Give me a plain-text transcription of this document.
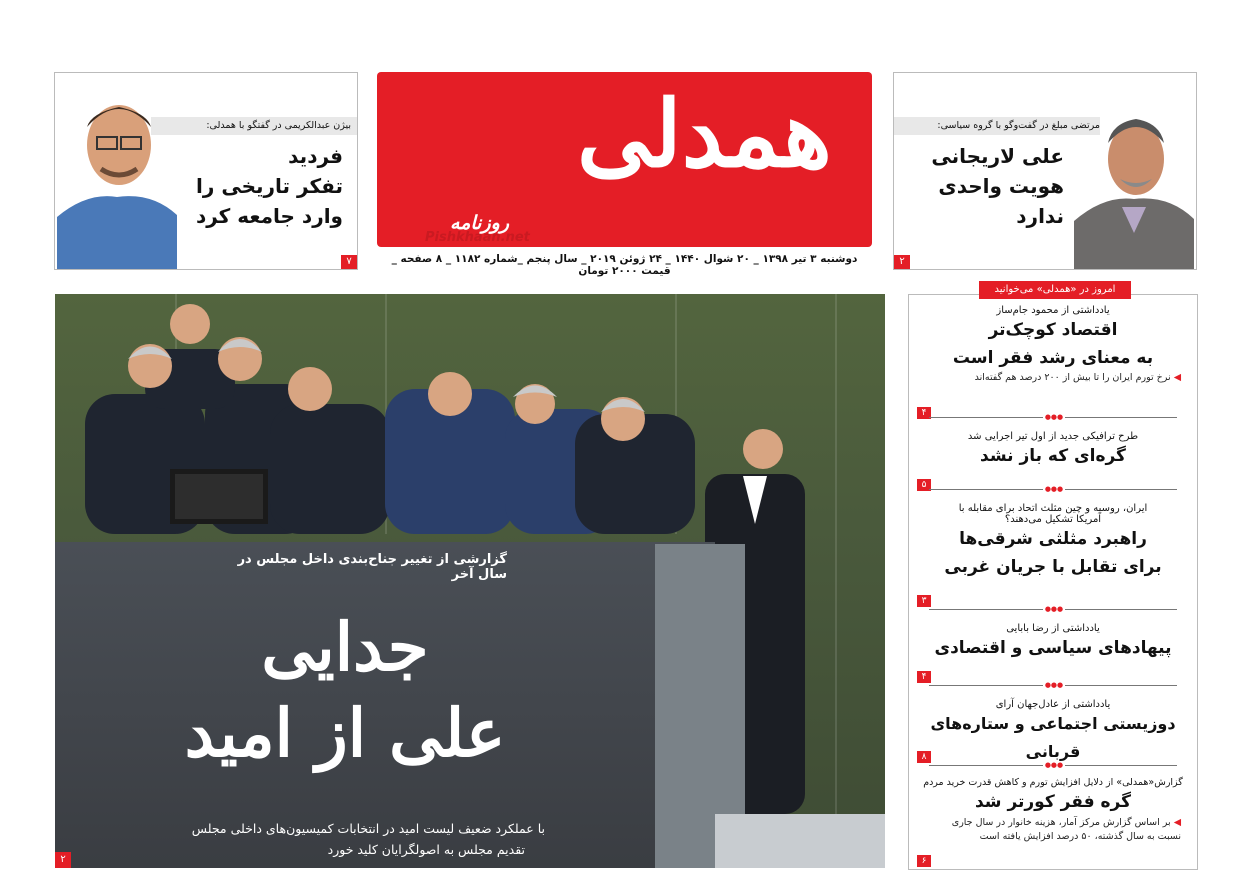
بیژن عبدالکریمی در گفتگو با همدلی:
فردید
تفکر تاریخی را
وارد جامعه کرد
۷
همدلی
روزنامه
Pishkhaan.net
دوشنبه ۳ تیر ۱۳۹۸ _ ۲۰ شوال ۱۴۴۰ _ ۲۴ ژوئن ۲۰۱۹ _ سال پنجم _شماره ۱۱۸۲ _ ۸ صفحه _ قیمت ۲۰۰۰ تومان
مرتضی مبلغ در گفت‌وگو با گروه سیاسی:
علی لاریجانی
هویت واحدی
ندارد
۲
گزارشی از تغییر جناح‌بندی داخل مجلس در سال آخر
جدایی
علی از امید
با عملکرد ضعیف لیست امید در انتخابات کمیسیون‌های داخلی مجلس
تقدیم مجلس به اصولگرایان کلید خورد
۲
امروز در «همدلی» می‌خوانید
یادداشتی از محمود جام‌ساز
اقتصاد کوچک‌تر
به معنای رشد فقر است
◀ نرخ تورم ایران را تا بیش از ۲۰۰ درصد هم گفته‌اند
۴	●●●
طرح ترافیکی جدید از اول تیر اجرایی شد
گره‌ای که باز نشد
۵	●●●
ایران، روسیه و چین مثلث اتحاد برای مقابله با آمریکا تشکیل می‌دهند؟
راهبرد مثلثی شرقی‌ها
برای تقابل با جریان غربی
۳
●●●
یادداشتی از رضا بابایی
پیهادهای سیاسی و اقتصادی
۴
●●●
یادداشتی از عادل‌جهان آرای
دوزیستی اجتماعی و ستاره‌های قربانی
۸
●●●
گزارش«همدلی» از دلایل افزایش تورم و کاهش قدرت خرید مردم
گره فقر کورتر شد
◀ بر اساس گزارش مرکز آمار، هزینه خانوار در سال جاری نسبت به سال گذشته، ۵۰ درصد افزایش یافته است
۶
